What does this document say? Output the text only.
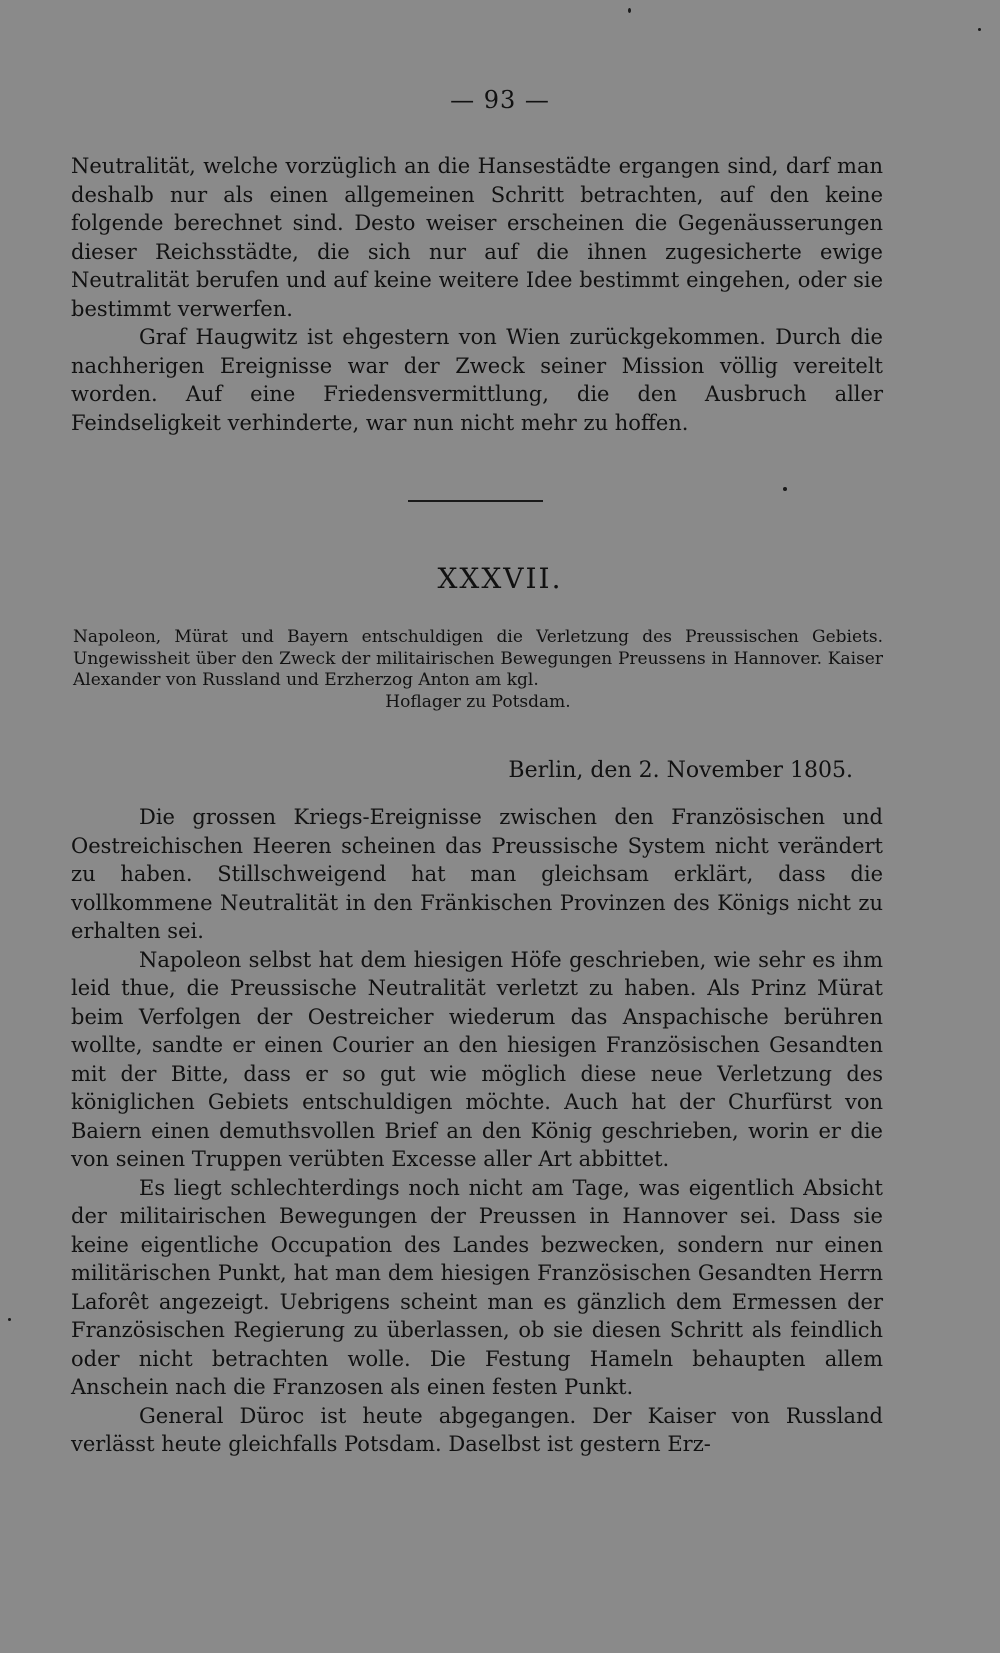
— 93 —

Neutralität, welche vorzüglich an die Hansestädte ergangen sind, darf man deshalb nur als einen allgemeinen Schritt betrachten, auf den keine folgende berechnet sind. Desto weiser erscheinen die Gegenäusserungen dieser Reichsstädte, die sich nur auf die ihnen zugesicherte ewige Neutralität berufen und auf keine weitere Idee bestimmt eingehen, oder sie bestimmt verwerfen.

Graf Haugwitz ist ehgestern von Wien zurückgekommen. Durch die nachherigen Ereignisse war der Zweck seiner Mission völlig vereitelt worden. Auf eine Friedensvermittlung, die den Ausbruch aller Feindseligkeit verhinderte, war nun nicht mehr zu hoffen.

XXXVII.
Napoleon, Mürat und Bayern entschuldigen die Verletzung des Preussischen Gebiets. Ungewissheit über den Zweck der militairischen Bewegungen Preussens in Hannover. Kaiser Alexander von Russland und Erzherzog Anton am kgl.
Hoflager zu Potsdam.
Berlin, den 2. November 1805.

Die grossen Kriegs-Ereignisse zwischen den Französischen und Oestreichischen Heeren scheinen das Preussische System nicht verändert zu haben. Stillschweigend hat man gleichsam erklärt, dass die vollkommene Neutralität in den Fränkischen Provinzen des Königs nicht zu erhalten sei.

Napoleon selbst hat dem hiesigen Höfe geschrieben, wie sehr es ihm leid thue, die Preussische Neutralität verletzt zu haben. Als Prinz Mürat beim Verfolgen der Oestreicher wiederum das Anspachische berühren wollte, sandte er einen Courier an den hiesigen Französischen Gesandten mit der Bitte, dass er so gut wie möglich diese neue Verletzung des königlichen Gebiets entschuldigen möchte. Auch hat der Churfürst von Baiern einen demuthsvollen Brief an den König geschrieben, worin er die von seinen Truppen verübten Excesse aller Art abbittet.

Es liegt schlechterdings noch nicht am Tage, was eigentlich Absicht der militairischen Bewegungen der Preussen in Hannover sei. Dass sie keine eigentliche Occupation des Landes bezwecken, sondern nur einen militärischen Punkt, hat man dem hiesigen Französischen Gesandten Herrn Laforêt angezeigt. Uebrigens scheint man es gänzlich dem Ermessen der Französischen Regierung zu überlassen, ob sie diesen Schritt als feindlich oder nicht betrachten wolle. Die Festung Hameln behaupten allem Anschein nach die Franzosen als einen festen Punkt.

General Düroc ist heute abgegangen. Der Kaiser von Russland verlässt heute gleichfalls Potsdam. Daselbst ist gestern Erz-
